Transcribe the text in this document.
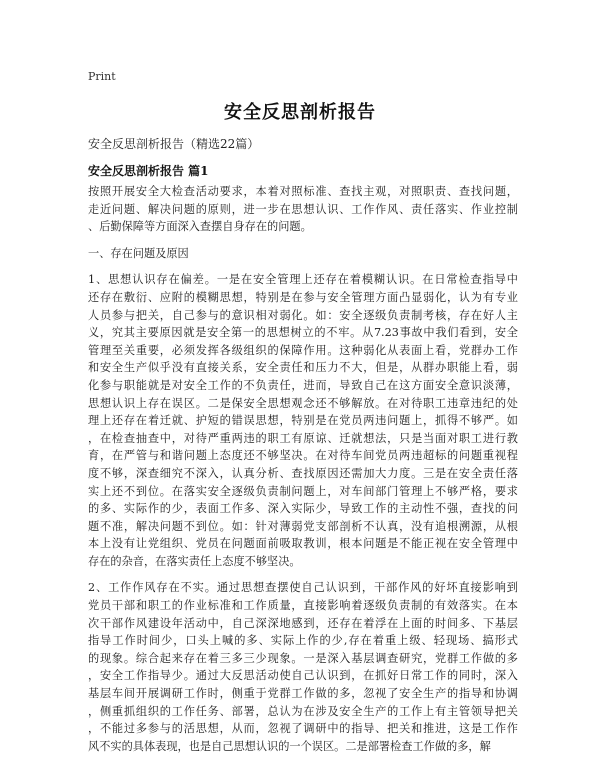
Print
安全反思剖析报告
安全反思剖析报告（精选22篇）
安全反思剖析报告 篇1
按照开展安全大检查活动要求，本着对照标准、查找主观，对照职责、查找问题，
走近问题、解决问题的原则，进一步在思想认识、工作作风、责任落实、作业控制
、后勤保障等方面深入查摆自身存在的问题。
一、存在问题及原因
1、思想认识存在偏差。一是在安全管理上还存在着模糊认识。在日常检查指导中
还存在敷衍、应附的模糊思想，特别是在参与安全管理方面凸显弱化，认为有专业
人员参与把关，自己参与的意识相对弱化。如：安全逐级负责制考核，存在好人主
义，究其主要原因就是安全第一的思想树立的不牢。从7.23事故中我们看到，安全
管理至关重要，必须发挥各级组织的保障作用。这种弱化从表面上看，党群办工作
和安全生产似乎没有直接关系，安全责任和压力不大，但是，从群办职能上看，弱
化参与职能就是对安全工作的不负责任，进而，导致自己在这方面安全意识淡薄，
思想认识上存在误区。二是保安全思想观念还不够解放。在对待职工违章违纪的处
理上还存在着迁就、护短的错误思想，特别是在党员两违问题上，抓得不够严。如
，在检查抽查中，对待严重两违的职工有原谅、迁就想法，只是当面对职工进行教
育，在严管与和谐问题上态度还不够坚决。在对待车间党员两违超标的问题重视程
度不够，深查细究不深入，认真分析、查找原因还需加大力度。三是在安全责任落
实上还不到位。在落实安全逐级负责制问题上，对车间部门管理上不够严格，要求
的多、实际作的少，表面工作多、深入实际少，导致工作的主动性不强，查找的问
题不准，解决问题不到位。如：针对薄弱党支部剖析不认真，没有追根溯源，从根
本上没有让党组织、党员在问题面前吸取教训，根本问题是不能正视在安全管理中
存在的杂音，在落实责任上态度不够坚决。
2、工作作风存在不实。通过思想查摆使自己认识到，干部作风的好坏直接影响到
党员干部和职工的作业标准和工作质量，直接影响着逐级负责制的有效落实。在本
次干部作风建设年活动中，自己深深地感到，还存在着浮在上面的时间多、下基层
指导工作时间少，口头上喊的多、实际上作的少,存在着重上级、轻现场、搞形式
的现象。综合起来存在着三多三少现象。一是深入基层调查研究，党群工作做的多
，安全工作指导少。通过大反思活动使自己认识到，在抓好日常工作的同时，深入
基层车间开展调研工作时，侧重于党群工作做的多，忽视了安全生产的指导和协调
，侧重抓组织的工作任务、部署，总认为在涉及安全生产的工作上有主管领导把关
，不能过多参与的活思想，从而，忽视了调研中的指导、把关和推进，这是工作作
风不实的具体表现，也是自己思想认识的一个误区。二是部署检查工作做的多，解
